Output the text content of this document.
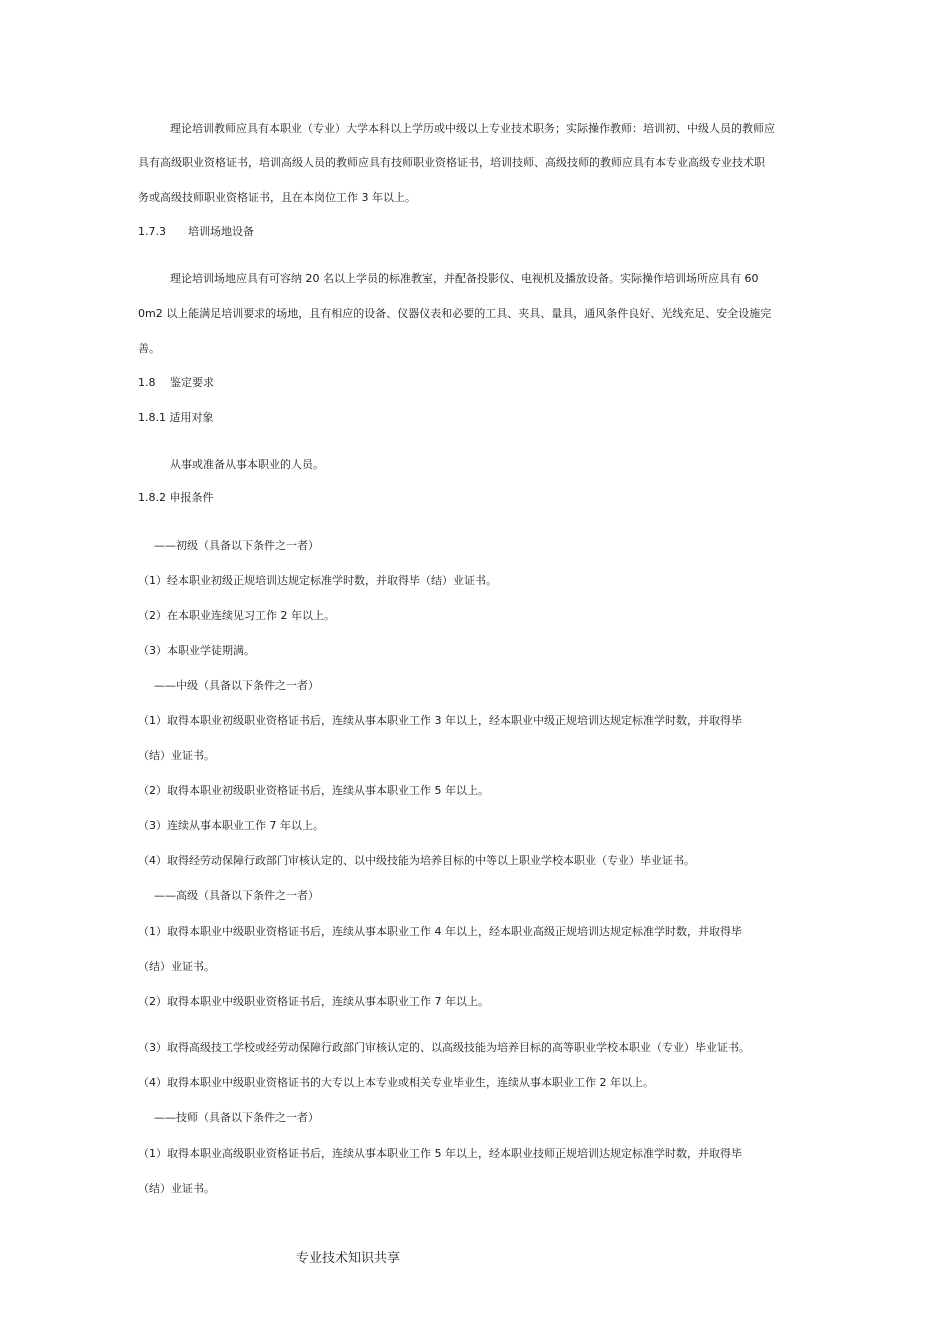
理论培训教师应具有本职业（专业）大学本科以上学历或中级以上专业技术职务；实际操作教师：培训初、中级人员的教师应
具有高级职业资格证书，培训高级人员的教师应具有技师职业资格证书，培训技师、高级技师的教师应具有本专业高级专业技术职
务或高级技师职业资格证书，且在本岗位工作 3 年以上。
1.7.3　　培训场地设备
理论培训场地应具有可容纳 20 名以上学员的标准教室，并配备投影仪、电视机及播放设备。实际操作培训场所应具有 60
0m2 以上能满足培训要求的场地，且有相应的设备、仪器仪表和必要的工具、夹具、量具，通风条件良好、光线充足、安全设施完
善。
1.8　 鉴定要求
1.8.1 适用对象
从事或准备从事本职业的人员。
1.8.2 申报条件
——初级（具备以下条件之一者）
（1）经本职业初级正规培训达规定标准学时数，并取得毕（结）业证书。
（2）在本职业连续见习工作 2 年以上。
（3）本职业学徒期满。
——中级（具备以下条件之一者）
（1）取得本职业初级职业资格证书后，连续从事本职业工作 3 年以上，经本职业中级正规培训达规定标准学时数，并取得毕
（结）业证书。
（2）取得本职业初级职业资格证书后，连续从事本职业工作 5 年以上。
（3）连续从事本职业工作 7 年以上。
（4）取得经劳动保障行政部门审核认定的、以中级技能为培养目标的中等以上职业学校本职业（专业）毕业证书。
——高级（具备以下条件之一者）
（1）取得本职业中级职业资格证书后，连续从事本职业工作 4 年以上，经本职业高级正规培训达规定标准学时数，并取得毕
（结）业证书。
（2）取得本职业中级职业资格证书后，连续从事本职业工作 7 年以上。
（3）取得高级技工学校或经劳动保障行政部门审核认定的、以高级技能为培养目标的高等职业学校本职业（专业）毕业证书。
（4）取得本职业中级职业资格证书的大专以上本专业或相关专业毕业生，连续从事本职业工作 2 年以上。
——技师（具备以下条件之一者）
（1）取得本职业高级职业资格证书后，连续从事本职业工作 5 年以上，经本职业技师正规培训达规定标准学时数，并取得毕
（结）业证书。
专业技术知识共享
